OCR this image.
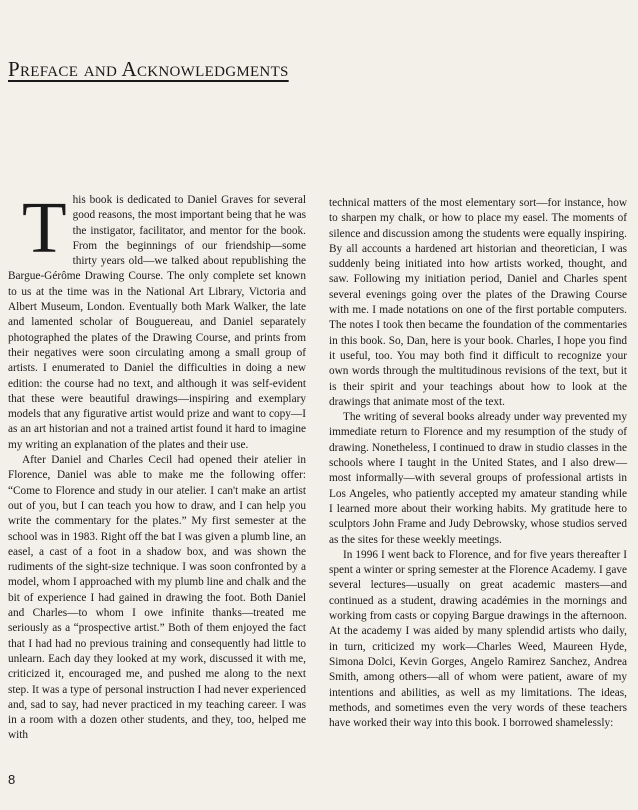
Preface and Acknowledgments

This book is dedicated to Daniel Graves for several good reasons, the most important being that he was the instigator, facilitator, and mentor for the book. From the beginnings of our friendship—some thirty years old—we talked about republishing the Bargue-Gérôme Drawing Course. The only complete set known to us at the time was in the National Art Library, Victoria and Albert Museum, London. Eventually both Mark Walker, the late and lamented scholar of Bouguereau, and Daniel separately photographed the plates of the Drawing Course, and prints from their negatives were soon circulating among a small group of artists. I enumerated to Daniel the difficulties in doing a new edition: the course had no text, and although it was self-evident that these were beautiful drawings—inspiring and exemplary models that any figurative artist would prize and want to copy—I as an art historian and not a trained artist found it hard to imagine my writing an explanation of the plates and their use.

After Daniel and Charles Cecil had opened their atelier in Florence, Daniel was able to make me the following offer: “Come to Florence and study in our atelier. I can't make an artist out of you, but I can teach you how to draw, and I can help you write the commentary for the plates.” My first semester at the school was in 1983. Right off the bat I was given a plumb line, an easel, a cast of a foot in a shadow box, and was shown the rudiments of the sight-size technique. I was soon confronted by a model, whom I approached with my plumb line and chalk and the bit of experience I had gained in drawing the foot. Both Daniel and Charles—to whom I owe infinite thanks—treated me seriously as a “prospective artist.” Both of them enjoyed the fact that I had had no previous training and consequently had little to unlearn. Each day they looked at my work, discussed it with me, criticized it, encouraged me, and pushed me along to the next step. It was a type of personal instruction I had never experienced and, sad to say, had never practiced in my teaching career. I was in a room with a dozen other students, and they, too, helped me with

technical matters of the most elementary sort—for instance, how to sharpen my chalk, or how to place my easel. The moments of silence and discussion among the students were equally inspiring. By all accounts a hardened art historian and theoretician, I was suddenly being initiated into how artists worked, thought, and saw. Following my initiation period, Daniel and Charles spent several evenings going over the plates of the Drawing Course with me. I made notations on one of the first portable computers. The notes I took then became the foundation of the commentaries in this book. So, Dan, here is your book. Charles, I hope you find it useful, too. You may both find it difficult to recognize your own words through the multitudinous revisions of the text, but it is their spirit and your teachings about how to look at the drawings that animate most of the text.

The writing of several books already under way prevented my immediate return to Florence and my resumption of the study of drawing. Nonetheless, I continued to draw in studio classes in the schools where I taught in the United States, and I also drew—most informally—with several groups of professional artists in Los Angeles, who patiently accepted my amateur standing while I learned more about their working habits. My gratitude here to sculptors John Frame and Judy Debrowsky, whose studios served as the sites for these weekly meetings.

In 1996 I went back to Florence, and for five years thereafter I spent a winter or spring semester at the Florence Academy. I gave several lectures—usually on great academic masters—and continued as a student, drawing académies in the mornings and working from casts or copying Bargue drawings in the afternoon. At the academy I was aided by many splendid artists who daily, in turn, criticized my work—Charles Weed, Maureen Hyde, Simona Dolci, Kevin Gorges, Angelo Ramirez Sanchez, Andrea Smith, among others—all of whom were patient, aware of my intentions and abilities, as well as my limitations. The ideas, methods, and sometimes even the very words of these teachers have worked their way into this book. I borrowed shamelessly:

8
